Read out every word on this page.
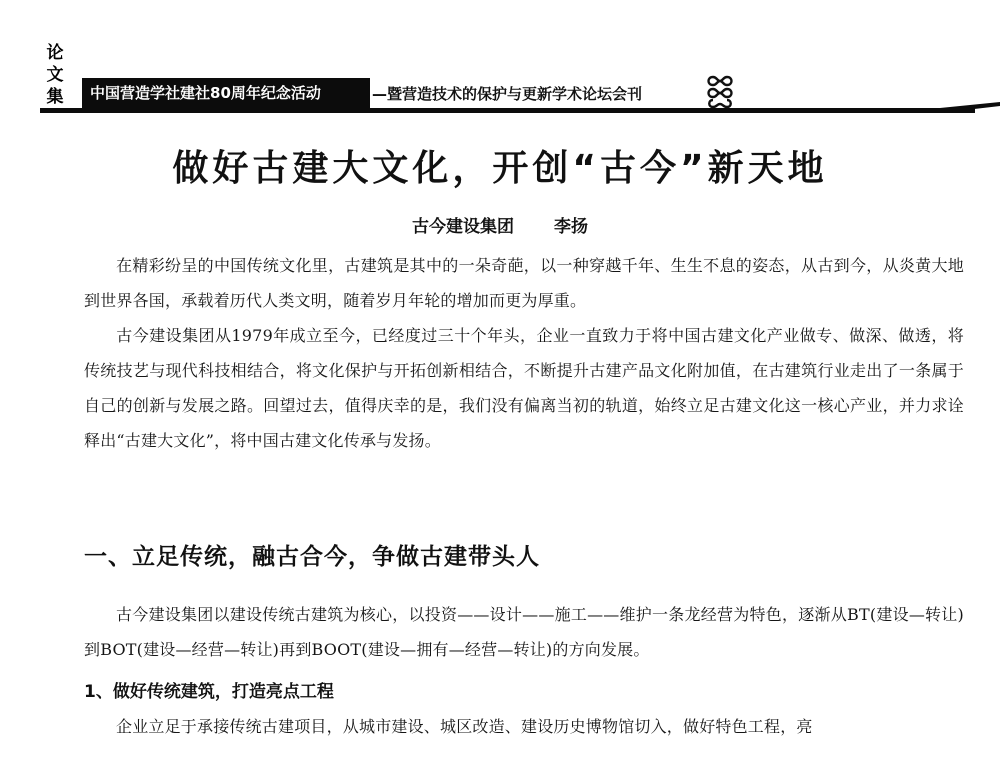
论
文
集	中国营造学社建社80周年纪念活动	—暨营造技术的保护与更新学术论坛会刊
做好古建大文化，开创“古今”新天地
古今建设集团 李扬

在精彩纷呈的中国传统文化里，古建筑是其中的一朵奇葩，以一种穿越千年、生生不息的姿态，从古到今，从炎黄大地到世界各国，承载着历代人类文明，随着岁月年轮的增加而更为厚重。

古今建设集团从1979年成立至今，已经度过三十个年头，企业一直致力于将中国古建文化产业做专、做深、做透，将传统技艺与现代科技相结合，将文化保护与开拓创新相结合，不断提升古建产品文化附加值，在古建筑行业走出了一条属于自己的创新与发展之路。回望过去，值得庆幸的是，我们没有偏离当初的轨道，始终立足古建文化这一核心产业，并力求诠释出“古建大文化”，将中国古建文化传承与发扬。

一、立足传统，融古合今，争做古建带头人

古今建设集团以建设传统古建筑为核心，以投资——设计——施工——维护一条龙经营为特色，逐渐从BT(建设—转让)到BOT(建设—经营—转让)再到BOOT(建设—拥有—经营—转让)的方向发展。

1、做好传统建筑，打造亮点工程

企业立足于承接传统古建项目，从城市建设、城区改造、建设历史博物馆切入，做好特色工程，亮
